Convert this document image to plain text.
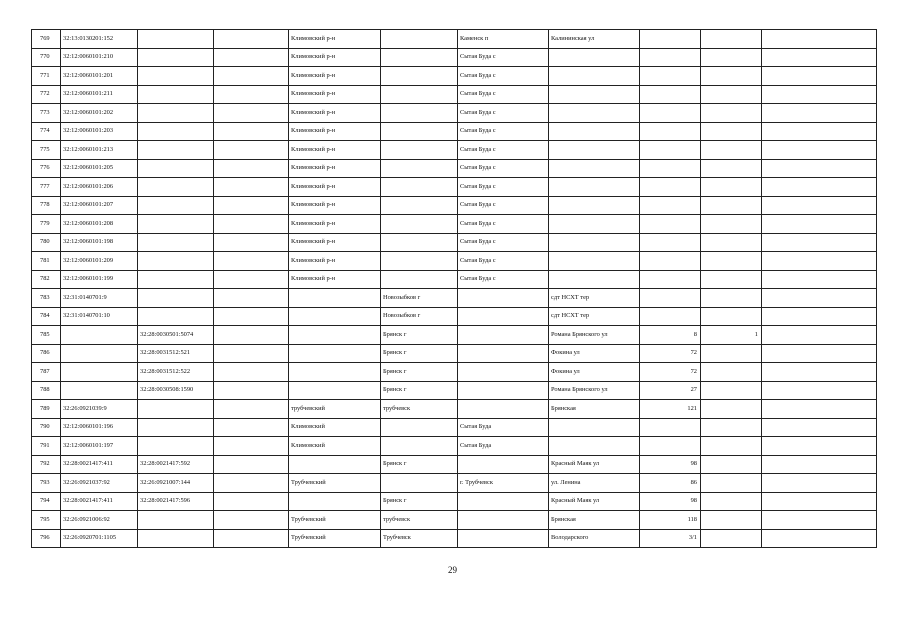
769	32:13:0130201:152			Климовский р-н		Каменск п	Калининская ул			
770	32:12:0060101:210			Климовский р-н		Сытая Буда с				
771	32:12:0060101:201			Климовский р-н		Сытая Буда с				
772	32:12:0060101:211			Климовский р-н		Сытая Буда с				
773	32:12:0060101:202			Климовский р-н		Сытая Буда с				
774	32:12:0060101:203			Климовский р-н		Сытая Буда с				
775	32:12:0060101:213			Климовский р-н		Сытая Буда с				
776	32:12:0060101:205			Климовский р-н		Сытая Буда с				
777	32:12:0060101:206			Климовский р-н		Сытая Буда с				
778	32:12:0060101:207			Климовский р-н		Сытая Буда с				
779	32:12:0060101:208			Климовский р-н		Сытая Буда с				
780	32:12:0060101:198			Климовский р-н		Сытая Буда с				
781	32:12:0060101:209			Климовский р-н		Сытая Буда с				
782	32:12:0060101:199			Климовский р-н		Сытая Буда с				
783	32:31:0140701:9				Новозыбков г		сдт НСХТ тер			
784	32:31:0140701:10				Новозыбков г		сдт НСХТ тер			
785		32:28:0030501:5074			Брянск г		Романа Брянского ул	8	1	
786		32:28:0031512:521			Брянск г		Фокина ул	72		
787		32:28:0031512:522			Брянск г		Фокина ул	72		
788		32:28:0030508:1590			Брянск г		Романа Брянского ул	27		
789	32:26:0921039:9			трубчевский	трубчевск		Брянская	121		
790	32:12:0060101:196			Климовский		Сытая Буда				
791	32:12:0060101:197			Климовский		Сытая Буда				
792	32:28:0021417:411	32:28:0021417:592			Брянск г		Красный Маяк ул	98		
793	32:26:0921037:92	32:26:0921007:144		Трубчевский		г. Трубчевск	ул. Ленина	86		
794	32:28:0021417:411	32:28:0021417:596			Брянск г		Красный Маяк ул	98		
795	32:26:0921006:92			Трубчевский	трубчевск		Брянская	118		
796	32:26:0920701:1105			Трубчевский	Трубчевск		Володарского	3/1		
29
